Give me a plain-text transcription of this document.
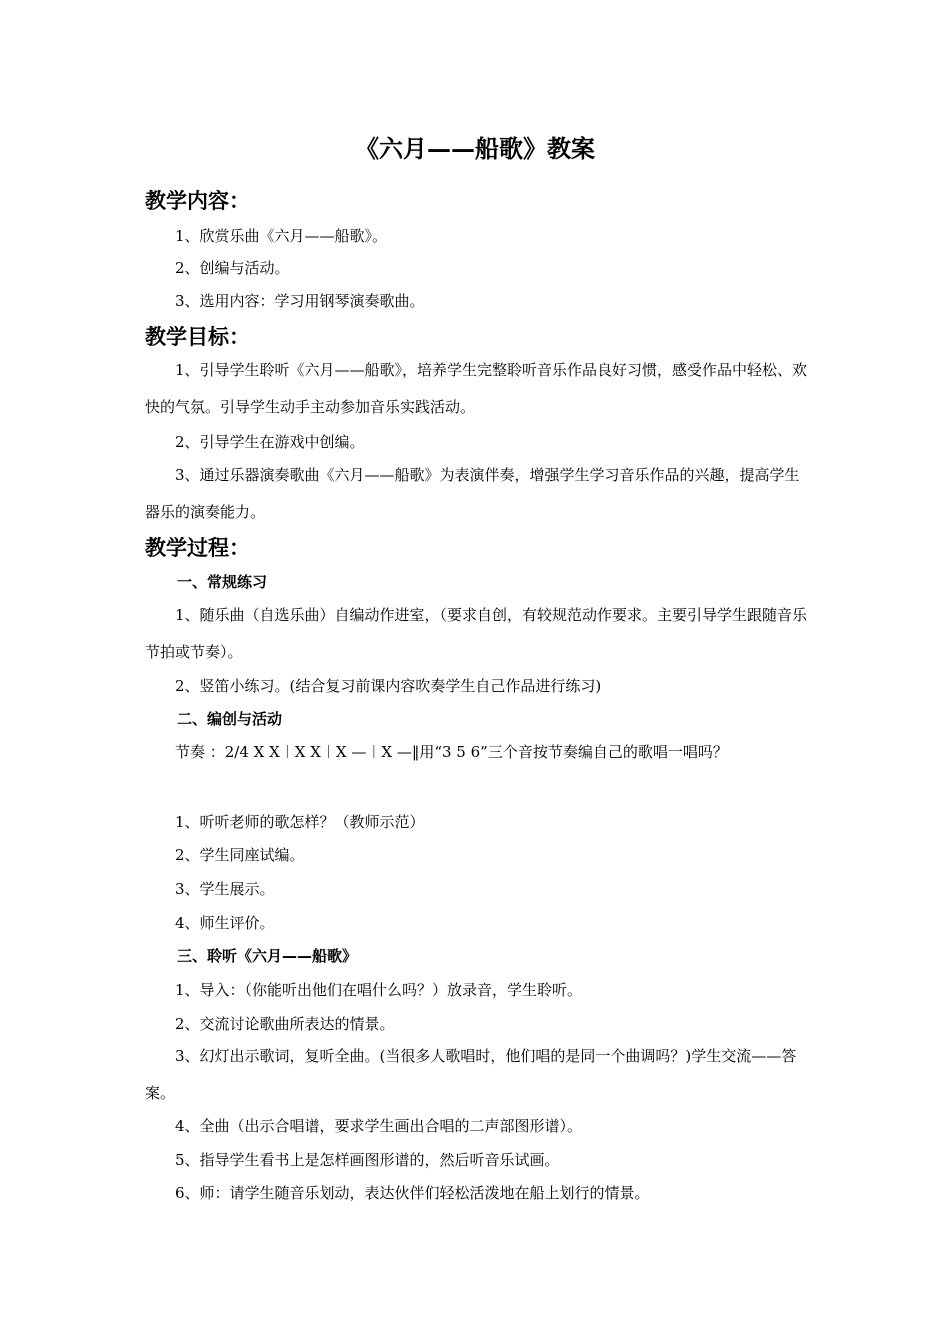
《六月——船歌》教案
教学内容：
1、欣赏乐曲《六月——船歌》。
2、创编与活动。
3、选用内容：学习用钢琴演奏歌曲。
教学目标：
1、引导学生聆听《六月——船歌》，培养学生完整聆听音乐作品良好习惯，感受作品中轻松、欢快的气氛。引导学生动手主动参加音乐实践活动。
2、引导学生在游戏中创编。
3、通过乐器演奏歌曲《六月——船歌》为表演伴奏，增强学生学习音乐作品的兴趣，提高学生器乐的演奏能力。
教学过程：
一、常规练习
1、随乐曲（自选乐曲）自编动作进室，（要求自创，有较规范动作要求。主要引导学生跟随音乐节拍或节奏）。
2、竖笛小练习。(结合复习前课内容吹奏学生自己作品进行练习)
二、编创与活动
节奏 ：2/4 X X︱X X︱X —︱X —‖用“3 5 6”三个音按节奏编自己的歌唱一唱吗？
1、听听老师的歌怎样？（教师示范）
2、学生同座试编。
3、学生展示。
4、师生评价。
三、聆听《六月——船歌》
1、导入：（你能听出他们在唱什么吗？）放录音，学生聆听。
2、交流讨论歌曲所表达的情景。
3、幻灯出示歌词，复听全曲。(当很多人歌唱时，他们唱的是同一个曲调吗？)学生交流——答案。
4、全曲（出示合唱谱，要求学生画出合唱的二声部图形谱）。
5、指导学生看书上是怎样画图形谱的，然后听音乐试画。
6、师：请学生随音乐划动，表达伙伴们轻松活泼地在船上划行的情景。
